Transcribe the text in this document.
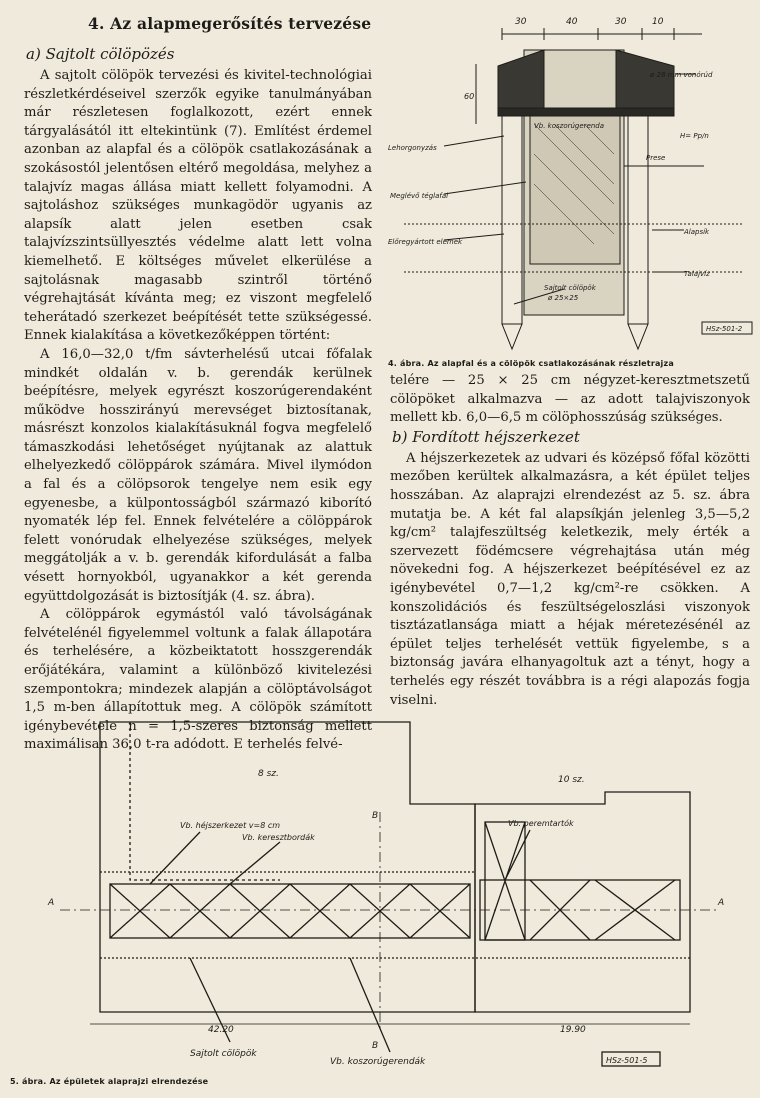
4. Az alapmegerősítés tervezése
a) Sajtolt cölöpözés

A sajtolt cölöpök tervezési és kivitel-technológiai részletkérdéseivel szerzők egyike tanulmányában már részletesen foglalkozott, ezért ennek tárgyalásától itt eltekintünk (7). Említést érdemel azonban az alapfal és a cölöpök csatlakozásának a szokásostól jelentősen eltérő megoldása, melyhez a talajvíz magas állása miatt kellett folyamodni. A sajtoláshoz szükséges munkagödör ugyanis az alapsík alatt jelen esetben csak talajvízszintsüllyesztés védelme alatt lett volna kiemelhető. E költséges művelet elkerülése a sajtolásnak magasabb szintről történő végrehajtását kívánta meg; ez viszont megfelelő teherátadó szerkezet beépítését tette szükségessé. Ennek kialakítása a következőképpen történt:

A 16,0—32,0 t/fm sávterhelésű utcai főfalak mindkét oldalán v. b. gerendák kerülnek beépítésre, melyek egyrészt koszorúgerendaként működve hosszirányú merevséget biztosítanak, másrészt konzolos kialakításuknál fogva megfelelő támaszkodási lehetőséget nyújtanak az alattuk elhelyezkedő cölöppárok számára. Mivel ilymódon a fal és a cölöpsorok tengelye nem esik egy egyenesbe, a külpontosságból származó kiborító nyomaték lép fel. Ennek felvételére a cölöppárok felett vonórudak elhelyezése szükséges, melyek meggátolják a v. b. gerendák kifordulását a falba vésett hornyokból, ugyanakkor a két gerenda együttdolgozását is biztosítják (4. sz. ábra).

A cölöppárok egymástól való távolságának felvételénél figyelemmel voltunk a falak állapotára és terhelésére, a közbeiktatott hosszgerendák erőjátékára, valamint a különböző kivitelezési szempontokra; mindezek alapján a cölöptávolságot 1,5 m-ben állapítottuk meg. A cölöpök számított igénybevétele n = 1,5-szeres biztonság mellett maximálisan 36,0 t-ra adódott. E terhelés felvé-

30	40	30	10
60
ø 28 mm vonórúd
Vb. koszorúgerenda
Lehorgonyzás
Prese
H= Pp/n
Meglévő téglafal
Előregyártott elemek
Alapsík
Talajvíz
Sajtolt cölöpök
ø 25×25
HSz-501-2
4. ábra. Az alapfal és a cölöpök csatlakozásának részletrajza

telére — 25 × 25 cm négyzet-keresztmetszetű cölöpöket alkalmazva — az adott talajviszonyok mellett kb. 6,0—6,5 m cölöphosszúság szükséges.

b) Fordított héjszerkezet

A héjszerkezetek az udvari és középső főfal közötti mezőben kerültek alkalmazásra, a két épület teljes hosszában. Az alaprajzi elrendezést az 5. sz. ábra mutatja be. A két fal alapsíkján jelenleg 3,5—5,2 kg/cm² talajfeszültség keletkezik, mely érték a szervezett födémcsere végrehajtása után még növekedni fog. A héjszerkezet beépítésével ez az igénybevétel 0,7—1,2 kg/cm²-re csökken. A konszolidációs és feszültségeloszlási viszonyok tisztázatlansága miatt a héjak méretezésénél az épület teljes terhelését vettük figyelembe, s a biztonság javára elhanyagoltuk azt a tényt, hogy a terhelés egy részét továbbra is a régi alapozás fogja viselni.

8 sz.
10 sz.
Vb. héjszerkezet v=8 cm
Vb. keresztbordák
Vb. peremtartók
42.20	19.90
A	A
B
B
Sajtolt cölöpök
Vb. koszorúgerendák	HSz-501-5
5. ábra. Az épületek alaprajzi elrendezése
